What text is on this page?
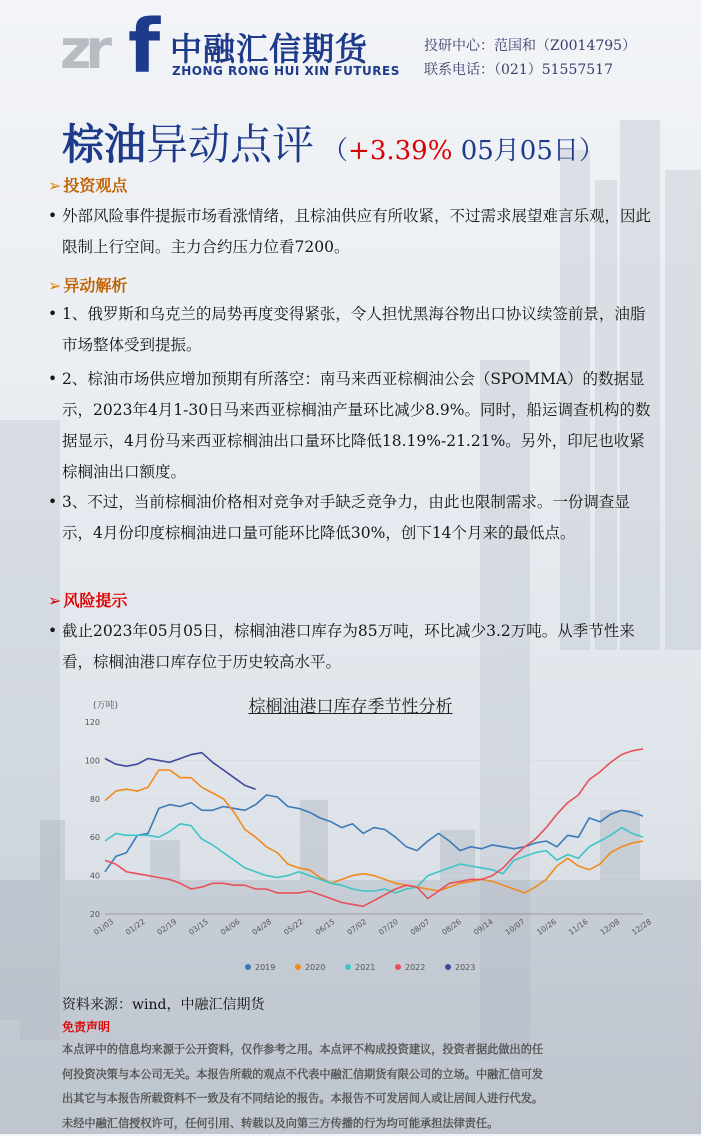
zr f 中融汇信期货
ZHONG RONG HUI XIN FUTURES
投研中心：范国和（Z0014795）
联系电话：（021）51557517
棕油异动点评 （+3.39% 05月05日）
➢ 投资观点
• 外部风险事件提振市场看涨情绪，且棕油供应有所收紧，不过需求展望难言乐观，因此限制上行空间。主力合约压力位看7200。
➢ 异动解析
• 1、俄罗斯和乌克兰的局势再度变得紧张，令人担忧黑海谷物出口协议续签前景，油脂市场整体受到提振。
• 2、棕油市场供应增加预期有所落空：南马来西亚棕榈油公会（SPOMMA）的数据显示，2023年4月1-30日马来西亚棕榈油产量环比减少8.9%。同时，船运调查机构的数据显示，4月份马来西亚棕榈油出口量环比降低18.19%-21.21%。另外，印尼也收紧棕榈油出口额度。
• 3、不过，当前棕榈油价格相对竞争对手缺乏竞争力，由此也限制需求。一份调查显示，4月份印度棕榈油进口量可能环比降低30%，创下14个月来的最低点。
➢ 风险提示
• 截止2023年05月05日，棕榈油港口库存为85万吨，环比减少3.2万吨。从季节性来看，棕榈油港口库存位于历史较高水平。
棕榈油港口库存季节性分析
(万吨)
20
40
60
80
100
120
01/03 01/22 02/19 03/15 04/06 04/28 05/22 06/15 07/02 07/20 08/07 08/26 09/14 10/07 10/26 11/16 12/08 12/28
2019	2020	2021	2022	2023
资料来源：wind，中融汇信期货
免责声明
本点评中的信息均来源于公开资料，仅作参考之用。本点评不构成投资建议，投资者据此做出的任
何投资决策与本公司无关。本报告所载的观点不代表中融汇信期货有限公司的立场。中融汇信可发
出其它与本报告所载资料不一致及有不同结论的报告。本报告不可发居间人或让居间人进行代发。
未经中融汇信授权许可，任何引用、转载以及向第三方传播的行为均可能承担法律责任。
